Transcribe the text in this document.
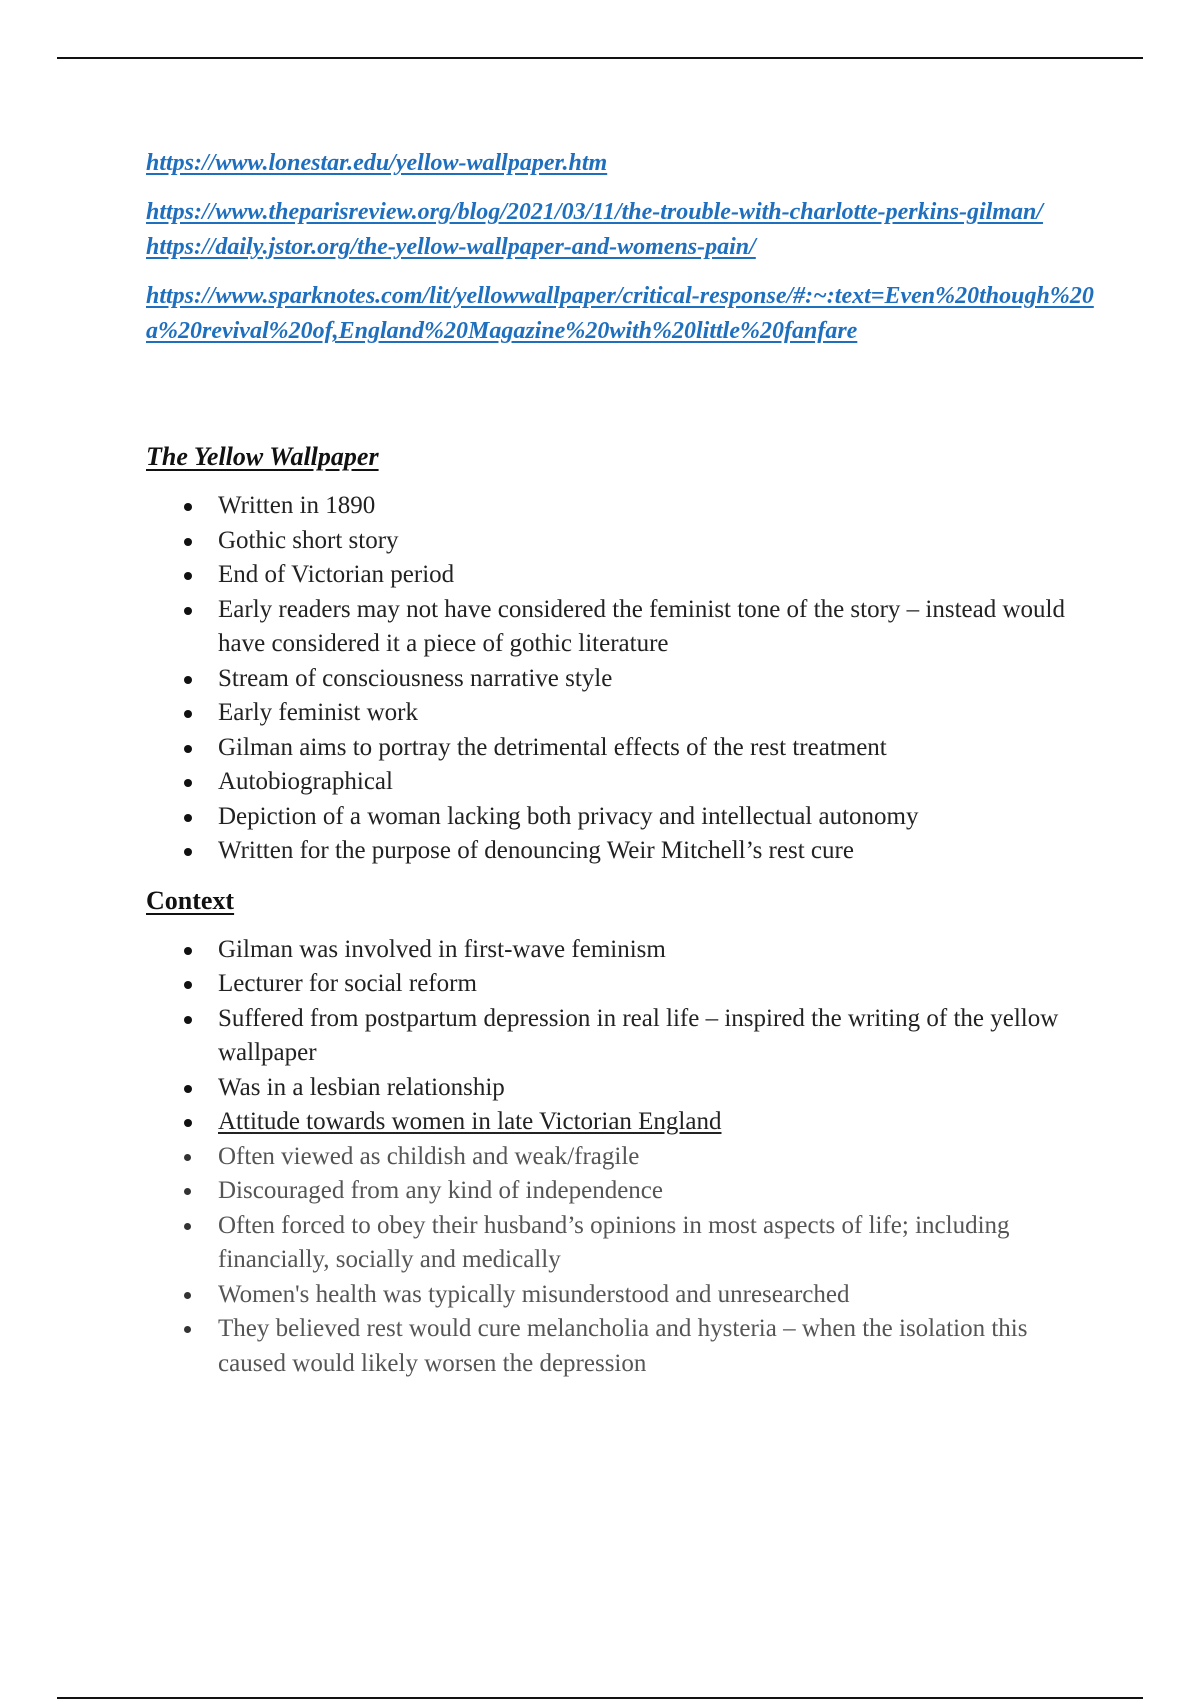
https://www.lonestar.edu/yellow-wallpaper.htm
https://www.theparisreview.org/blog/2021/03/11/the-trouble-with-charlotte-perkins-gilman/
https://daily.jstor.org/the-yellow-wallpaper-and-womens-pain/
https://www.sparknotes.com/lit/yellowwallpaper/critical-response/#:~:text=Even%20though%20a%20revival%20of,England%20Magazine%20with%20little%20fanfare
The Yellow Wallpaper
Written in 1890
Gothic short story
End of Victorian period
Early readers may not have considered the feminist tone of the story – instead would have considered it a piece of gothic literature
Stream of consciousness narrative style
Early feminist work
Gilman aims to portray the detrimental effects of the rest treatment
Autobiographical
Depiction of a woman lacking both privacy and intellectual autonomy
Written for the purpose of denouncing Weir Mitchell’s rest cure
Context
Gilman was involved in first-wave feminism
Lecturer for social reform
Suffered from postpartum depression in real life – inspired the writing of the yellow wallpaper
Was in a lesbian relationship
Attitude towards women in late Victorian England
Often viewed as childish and weak/fragile
Discouraged from any kind of independence
Often forced to obey their husband’s opinions in most aspects of life; including financially, socially and medically
Women's health was typically misunderstood and unresearched
They believed rest would cure melancholia and hysteria – when the isolation this caused would likely worsen the depression
